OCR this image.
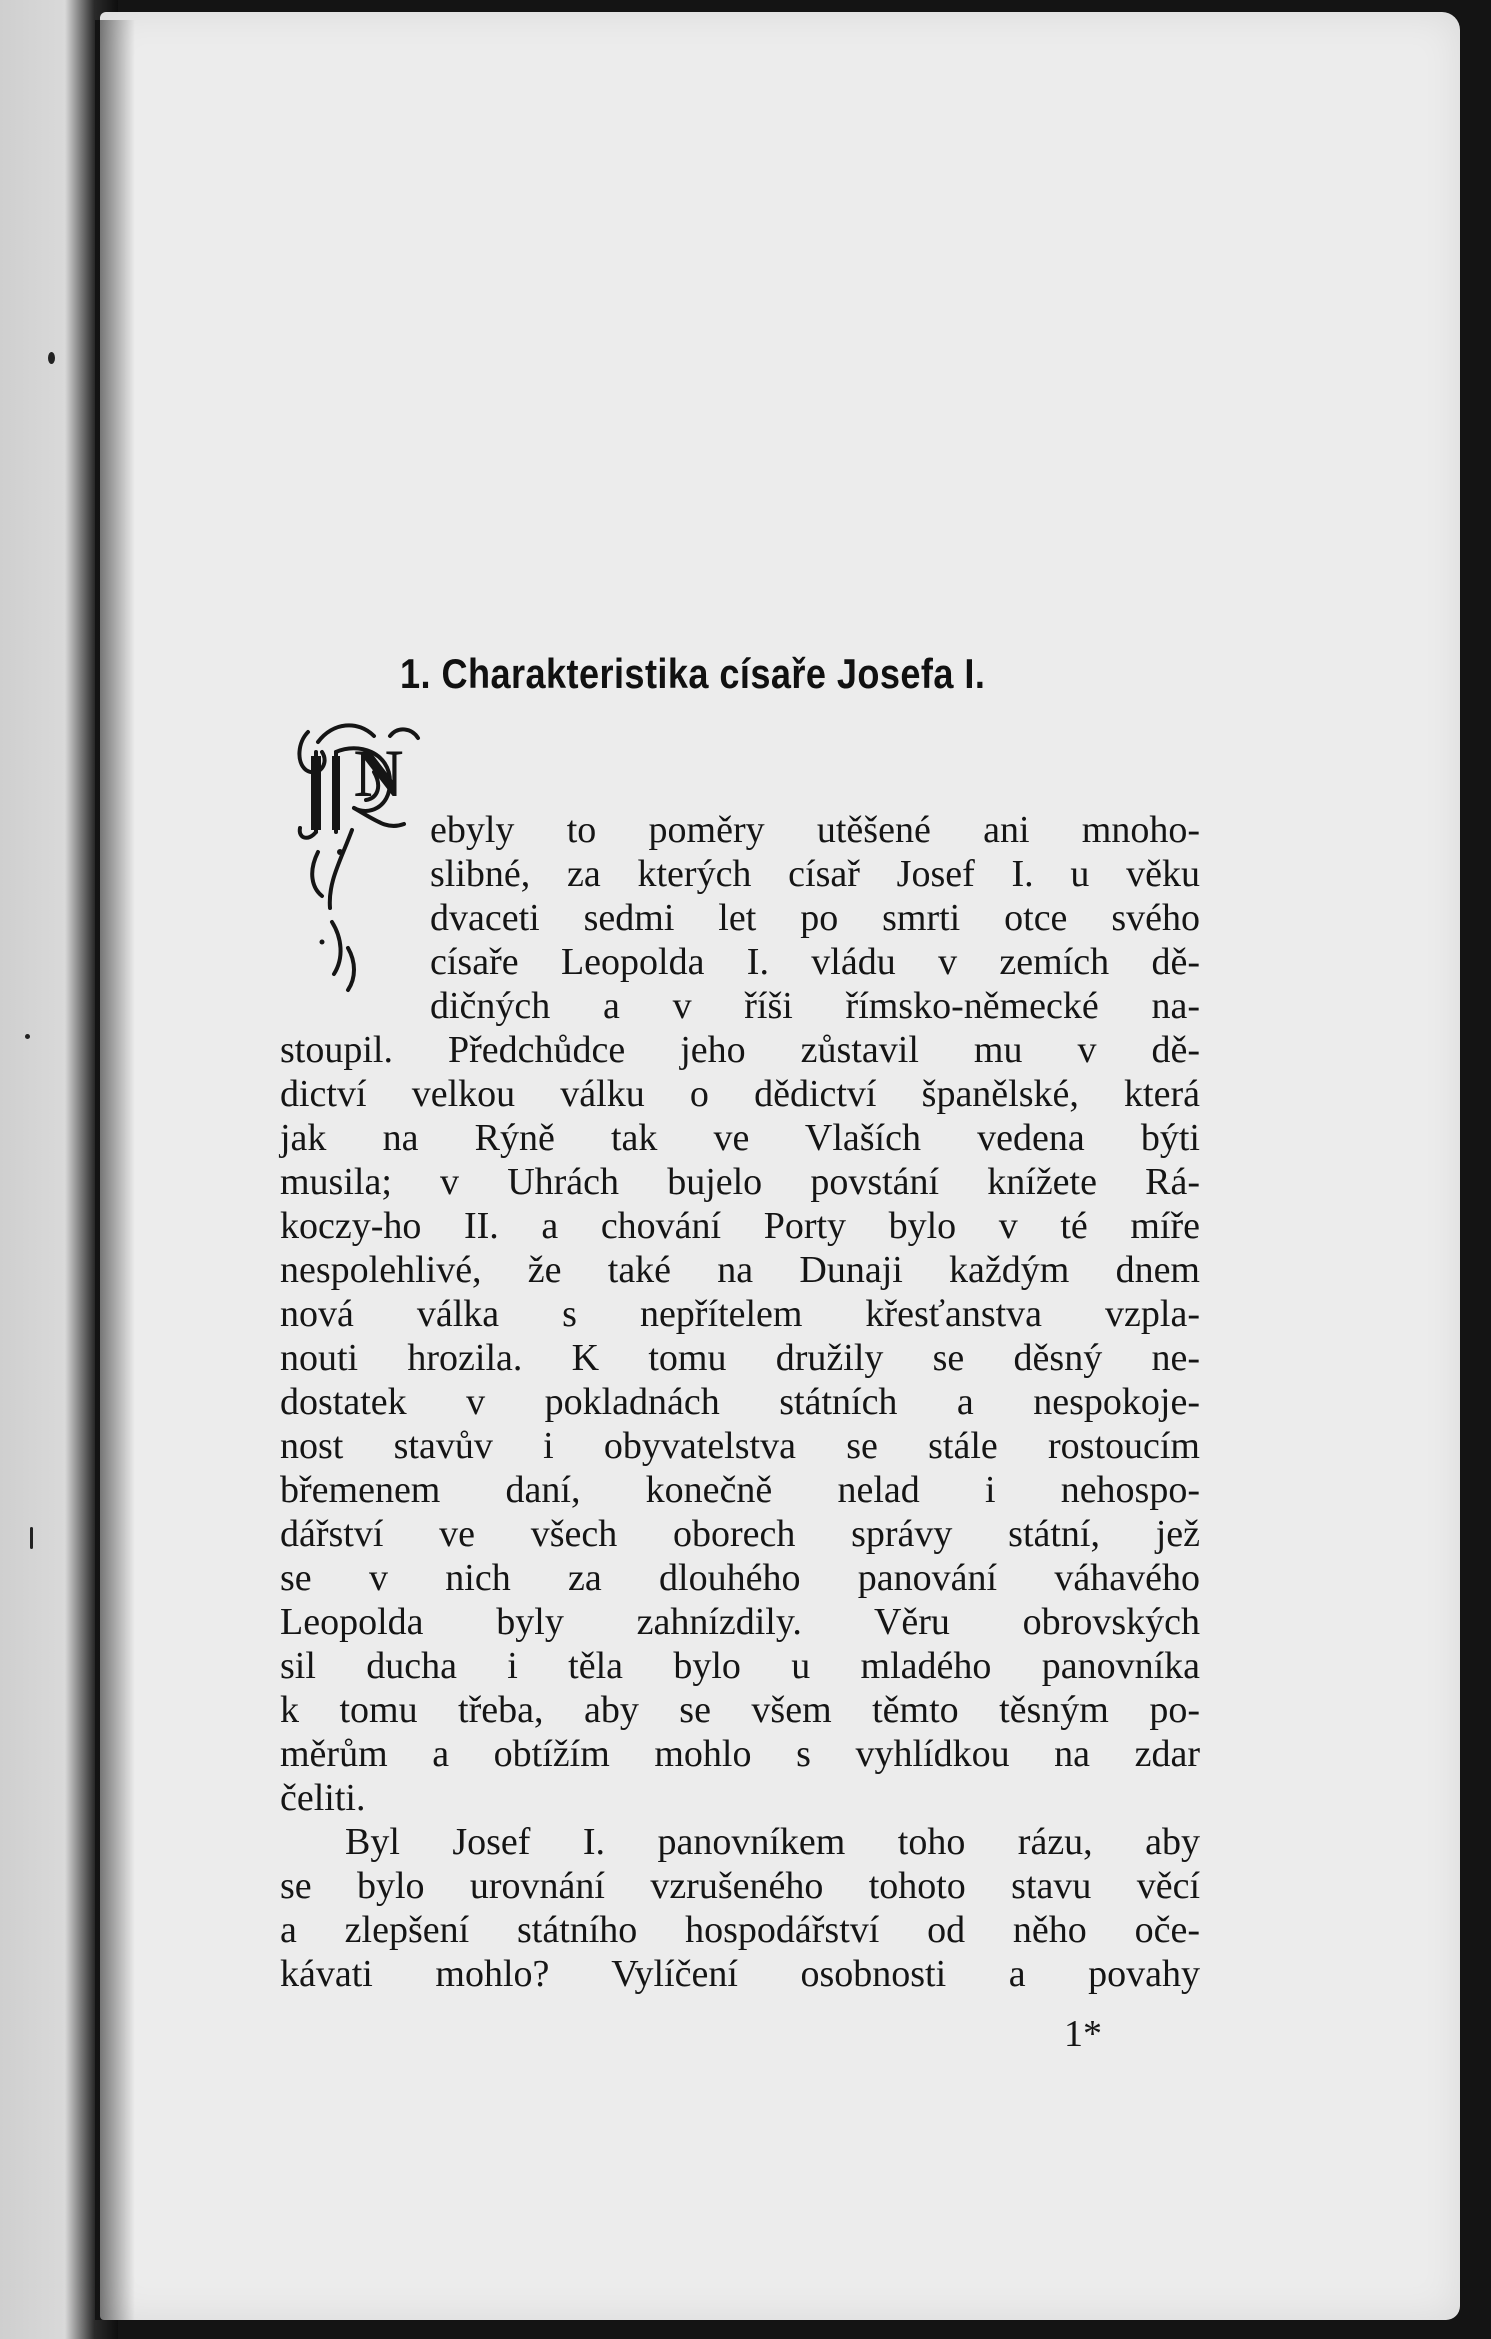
1. Charakteristika císaře Josefa I.
N
ebyly to poměry utěšené ani mnoho-
slibné, za kterých císař Josef I. u věku
dvaceti sedmi let po smrti otce svého
císaře Leopolda I. vládu v zemích dě-
dičných a v říši římsko-německé na-
stoupil. Předchůdce jeho zůstavil mu v dě-
dictví velkou válku o dědictví španělské, která
jak na Rýně tak ve Vlaších vedena býti
musila; v Uhrách bujelo povstání knížete Rá-
koczy-ho II. a chování Porty bylo v té míře
nespolehlivé, že také na Dunaji každým dnem
nová válka s nepřítelem křesťanstva vzpla-
nouti hrozila. K tomu družily se děsný ne-
dostatek v pokladnách státních a nespokoje-
nost stavův i obyvatelstva se stále rostoucím
břemenem daní, konečně nelad i nehospo-
dářství ve všech oborech správy státní, jež
se v nich za dlouhého panování váhavého
Leopolda byly zahnízdily. Věru obrovských
sil ducha i těla bylo u mladého panovníka
k tomu třeba, aby se všem těmto těsným po-
měrům a obtížím mohlo s vyhlídkou na zdar
čeliti.
Byl Josef I. panovníkem toho rázu, aby
se bylo urovnání vzrušeného tohoto stavu věcí
a zlepšení státního hospodářství od něho oče-
kávati mohlo? Vylíčení osobnosti a povahy
1*
